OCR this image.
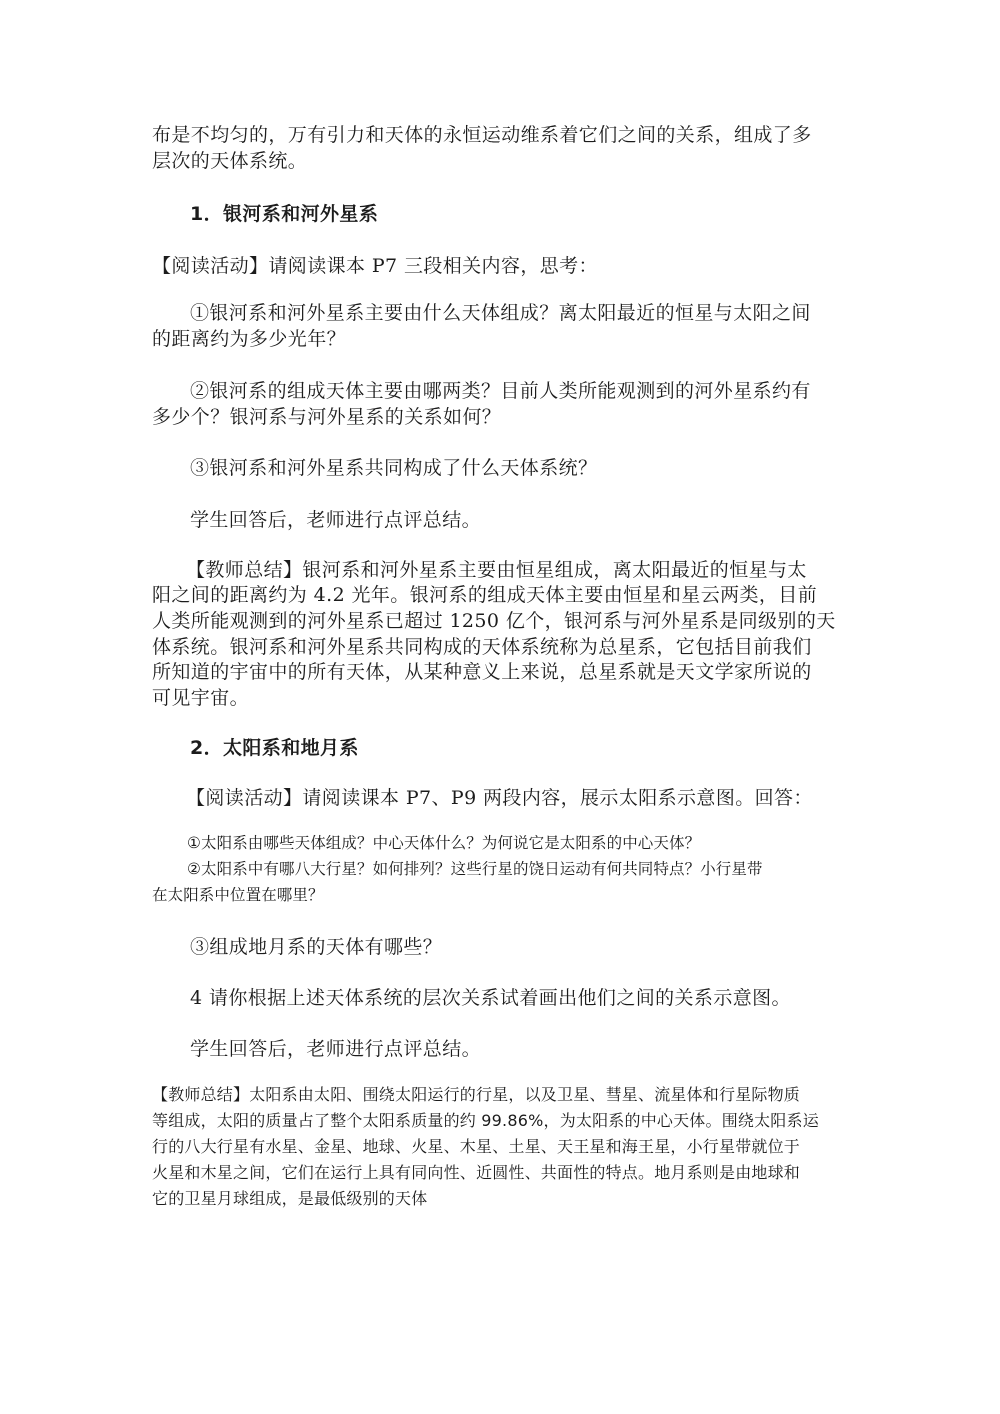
布是不均匀的，万有引力和天体的永恒运动维系着它们之间的关系，组成了多
层次的天体系统。
1．银河系和河外星系
【阅读活动】请阅读课本 P7 三段相关内容，思考：
①银河系和河外星系主要由什么天体组成？离太阳最近的恒星与太阳之间
的距离约为多少光年？
②银河系的组成天体主要由哪两类？目前人类所能观测到的河外星系约有
多少个？银河系与河外星系的关系如何？
③银河系和河外星系共同构成了什么天体系统？
学生回答后，老师进行点评总结。
【教师总结】银河系和河外星系主要由恒星组成，离太阳最近的恒星与太
阳之间的距离约为 4.2 光年。银河系的组成天体主要由恒星和星云两类，目前
人类所能观测到的河外星系已超过 1250 亿个，银河系与河外星系是同级别的天
体系统。银河系和河外星系共同构成的天体系统称为总星系，它包括目前我们
所知道的宇宙中的所有天体，从某种意义上来说，总星系就是天文学家所说的
可见宇宙。
2．太阳系和地月系
【阅读活动】请阅读课本 P7、P9 两段内容，展示太阳系示意图。回答：
①太阳系由哪些天体组成？中心天体什么？为何说它是太阳系的中心天体？
②太阳系中有哪八大行星？如何排列？这些行星的饶日运动有何共同特点？小行星带
在太阳系中位置在哪里？
③组成地月系的天体有哪些？
4 请你根据上述天体系统的层次关系试着画出他们之间的关系示意图。
学生回答后，老师进行点评总结。
【教师总结】太阳系由太阳、围绕太阳运行的行星，以及卫星、彗星、流星体和行星际物质
等组成，太阳的质量占了整个太阳系质量的约 99.86%，为太阳系的中心天体。围绕太阳系运
行的八大行星有水星、金星、地球、火星、木星、土星、天王星和海王星，小行星带就位于
火星和木星之间，它们在运行上具有同向性、近圆性、共面性的特点。地月系则是由地球和
它的卫星月球组成，是最低级别的天体
